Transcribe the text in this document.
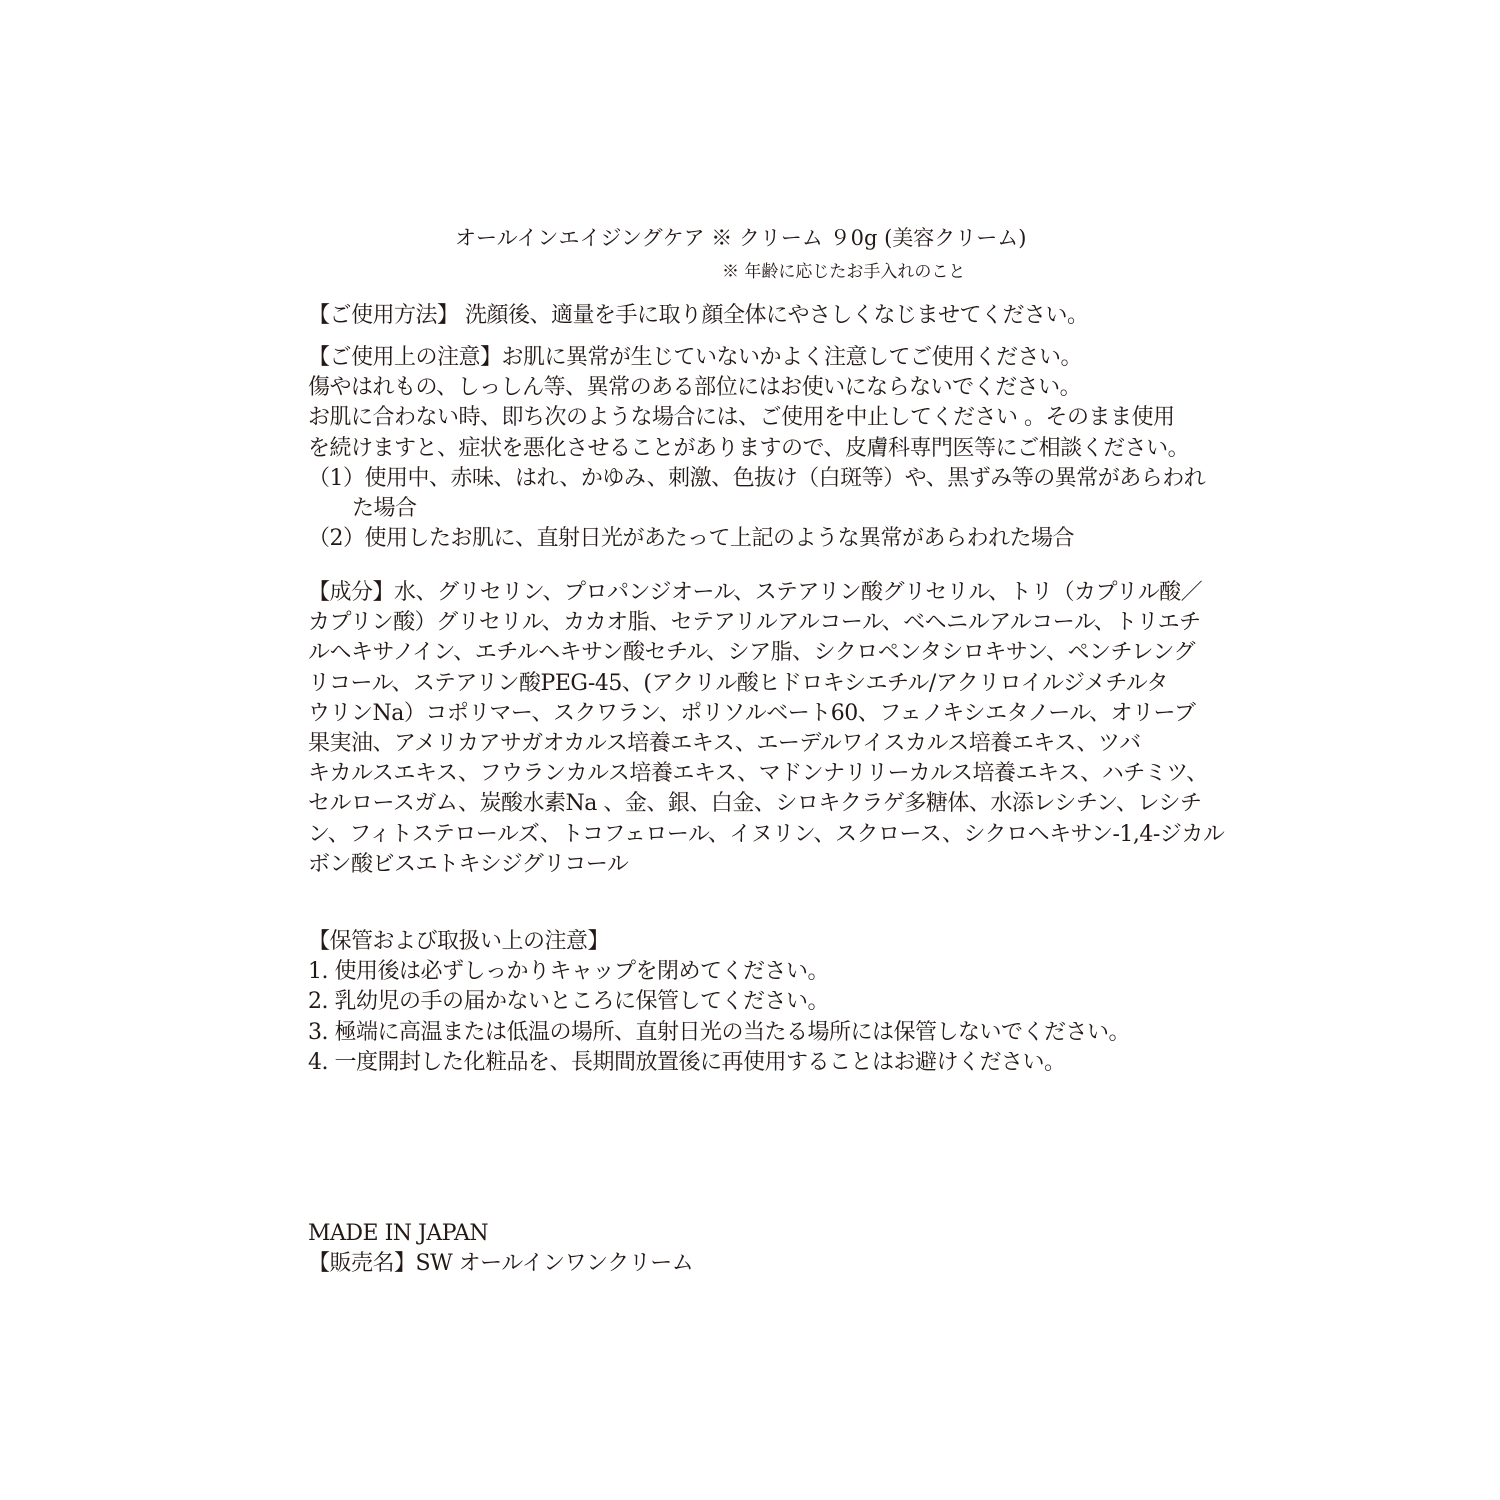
オールインエイジングケア ※ クリーム ９0g (美容クリーム)
※ 年齢に応じたお手入れのこと
【ご使用方法】 洗顔後、適量を手に取り顔全体にやさしくなじませてください。
【ご使用上の注意】お肌に異常が生じていないかよく注意してご使用ください。
傷やはれもの、しっしん等、異常のある部位にはお使いにならないでください。
お肌に合わない時、即ち次のような場合には、ご使用を中止してください 。そのまま使用
を続けますと、症状を悪化させることがありますので、皮膚科専門医等にご相談ください。
（1）使用中、赤味、はれ、かゆみ、刺激、色抜け（白斑等）や、黒ずみ等の異常があらわれ
た場合
（2）使用したお肌に、直射日光があたって上記のような異常があらわれた場合
【成分】水、グリセリン、プロパンジオール、ステアリン酸グリセリル、トリ（カプリル酸／
カプリン酸）グリセリル、カカオ脂、セテアリルアルコール、ベヘニルアルコール、トリエチ
ルヘキサノイン、エチルヘキサン酸セチル、シア脂、シクロペンタシロキサン、ペンチレング
リコール、ステアリン酸PEG-45、(アクリル酸ヒドロキシエチル/アクリロイルジメチルタ
ウリンNa）コポリマー、スクワラン、ポリソルベート60、フェノキシエタノール、オリーブ
果実油、アメリカアサガオカルス培養エキス、エーデルワイスカルス培養エキス、ツバ
キカルスエキス、フウランカルス培養エキス、マドンナリリーカルス培養エキス、ハチミツ、
セルロースガム、炭酸水素Na 、金、銀、白金、シロキクラゲ多糖体、水添レシチン、レシチ
ン、フィトステロールズ、トコフェロール、イヌリン、スクロース、シクロヘキサン-1,4-ジカル
ボン酸ビスエトキシジグリコール
【保管および取扱い上の注意】
1. 使用後は必ずしっかりキャップを閉めてください。
2. 乳幼児の手の届かないところに保管してください。
3. 極端に高温または低温の場所、直射日光の当たる場所には保管しないでください。
4. 一度開封した化粧品を、長期間放置後に再使用することはお避けください。
MADE IN JAPAN
【販売名】SW オールインワンクリーム
